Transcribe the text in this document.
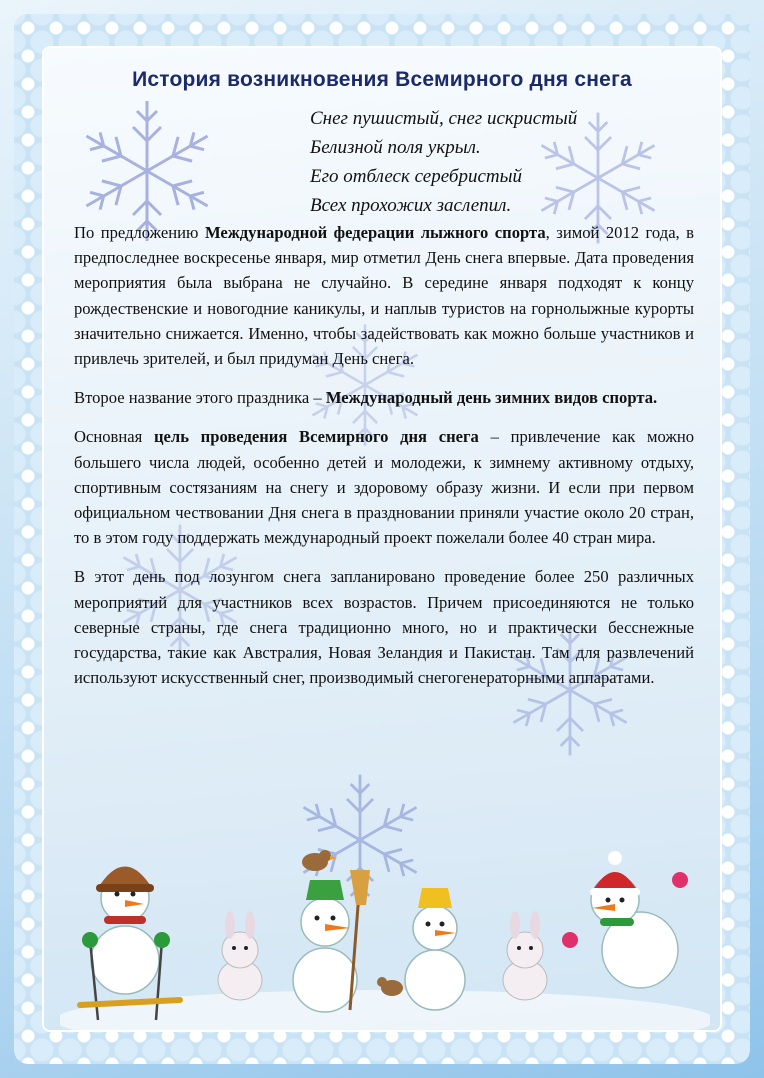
История возникновения Всемирного дня снега
Снег пушистый, снег искристый
Белизной поля укрыл.
Его отблеск серебристый
Всех прохожих заслепил.

По предложению Международной федерации лыжного спорта, зимой 2012 года, в предпоследнее воскресенье января, мир отметил День снега впервые. Дата проведения мероприятия была выбрана не случайно. В середине января подходят к концу рождественские и новогодние каникулы, и наплыв туристов на горнолыжные курорты значительно снижается. Именно, чтобы задействовать как можно больше участников и привлечь зрителей, и был придуман День снега.

Второе название этого праздника – Международный день зимних видов спорта.

Основная цель проведения Всемирного дня снега – привлечение как можно большего числа людей, особенно детей и молодежи, к зимнему активному отдыху, спортивным состязаниям на снегу и здоровому образу жизни. И если при первом официальном чествовании Дня снега в праздновании приняли участие около 20 стран, то в этом году поддержать международный проект пожелали более 40 стран мира.

В этот день под лозунгом снега запланировано проведение более 250 различных мероприятий для участников всех возрастов. Причем присоединяются не только северные страны, где снега традиционно много, но и практически бесснежные государства, такие как Австралия, Новая Зеландия и Пакистан. Там для развлечений используют искусственный снег, производимый снегогенераторными аппаратами.
